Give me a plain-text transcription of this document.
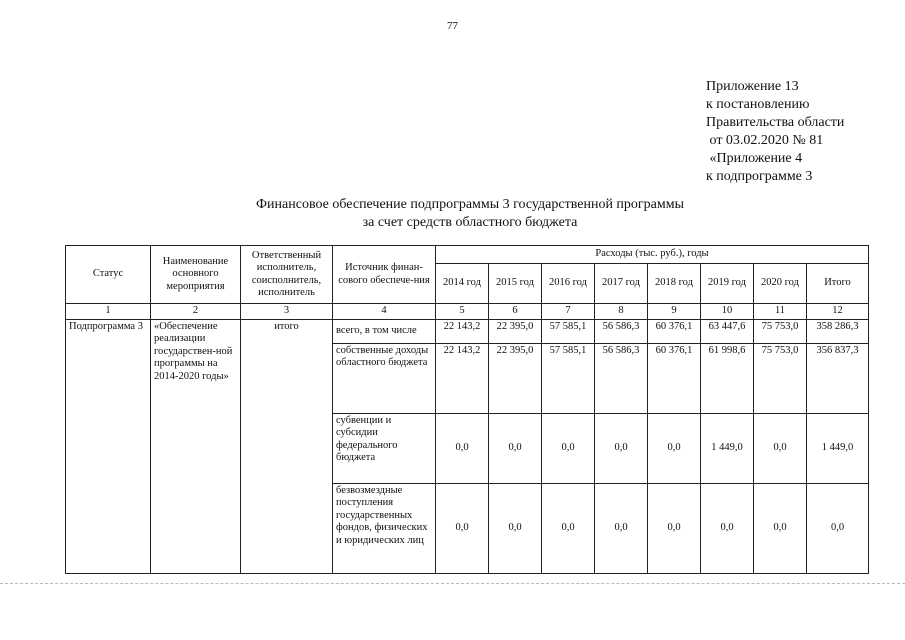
77
Приложение 13
к постановлению
Правительства области
от 03.02.2020 № 81
«Приложение 4
к подпрограмме 3
Финансовое обеспечение подпрограммы 3 государственной программы
за счет средств областного бюджета
Статус	Наименование основного мероприятия	Ответственный исполнитель, соисполнитель, исполнитель	Источник финан-сового обеспече-ния	Расходы (тыс. руб.), годы							
				2014 год	2015 год	2016 год	2017 год	2018 год	2019 год	2020 год	Итого
1	2	3	4	5	6	7	8	9	10	11	12
Подпрограмма 3	«Обеспечение реализации государствен-ной программы на 2014-2020 годы»	итого	всего, в том числе	22 143,2	22 395,0	57 585,1	56 586,3	60 376,1	63 447,6	75 753,0	358 286,3
			собственные доходы областного бюджета	22 143,2	22 395,0	57 585,1	56 586,3	60 376,1	61 998,6	75 753,0	356 837,3
			субвенции и субсидии федерального бюджета	0,0	0,0	0,0	0,0	0,0	1 449,0	0,0	1 449,0
			безвозмездные поступления государственных фондов, физических и юридических лиц	0,0	0,0	0,0	0,0	0,0	0,0	0,0	0,0
